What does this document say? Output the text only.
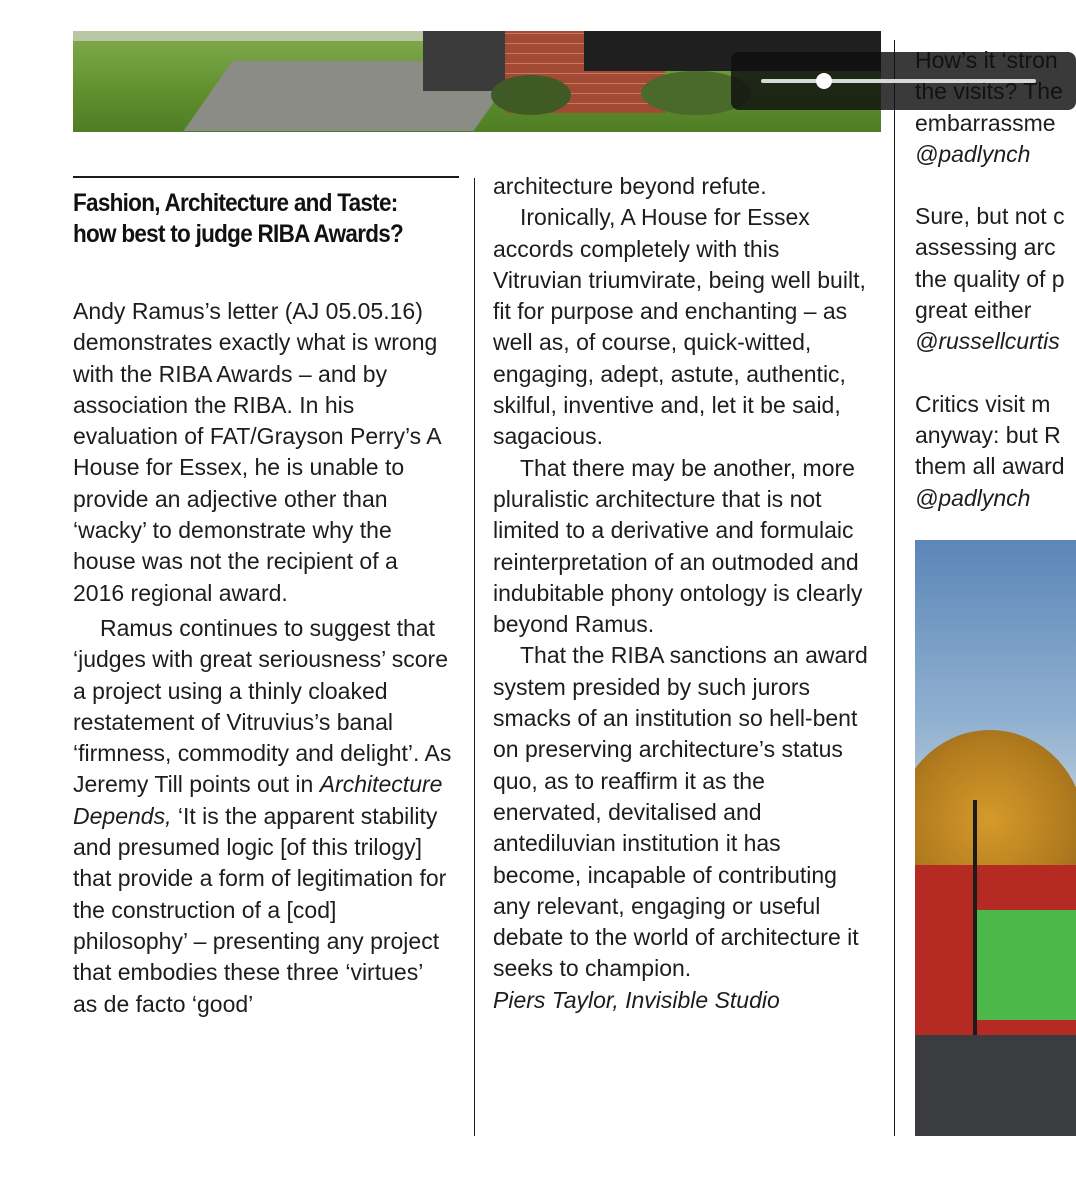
Fashion, Architecture and Taste:
how best to judge RIBA Awards?

Andy Ramus’s letter (AJ 05.05.16) demonstrates exactly what is wrong with the RIBA Awards – and by association the RIBA. In his evaluation of FAT/Grayson Perry’s A House for Essex, he is unable to provide an adjective other than ‘wacky’ to demonstrate why the house was not the recipient of a 2016 regional award.

Ramus continues to suggest that ‘judges with great seriousness’ score a project using a thinly cloaked restatement of Vitruvius’s banal ‘firmness, commodity and delight’. As Jeremy Till points out in Architecture Depends, ‘It is the apparent stability and presumed logic [of this trilogy] that provide a form of legitimation for the construction of a [cod] philosophy’ – presenting any project that embodies these three ‘virtues’ as de facto ‘good’

architecture beyond refute.

Ironically, A House for Essex accords completely with this Vitruvian triumvirate, being well built, fit for purpose and enchanting – as well as, of course, quick-witted, engaging, adept, astute, authentic, skilful, inventive and, let it be said, sagacious.

That there may be another, more pluralistic architecture that is not limited to a derivative and formulaic reinterpretation of an outmoded and indubitable phony ontology is clearly beyond Ramus.

That the RIBA sanctions an award system presided by such jurors smacks of an institution so hell-bent on preserving architecture’s status quo, as to reaffirm it as the enervated, devitalised and antediluvian institution it has become, incapable of contributing any relevant, engaging or useful debate to the world of architecture it seeks to champion.

Piers Taylor, Invisible Studio

embarrassme
@padlynch

Sure, but not c
assessing arc
the quality of p
great either
@russellcurtis

Critics visit m
anyway: but R
them all award
@padlynch
